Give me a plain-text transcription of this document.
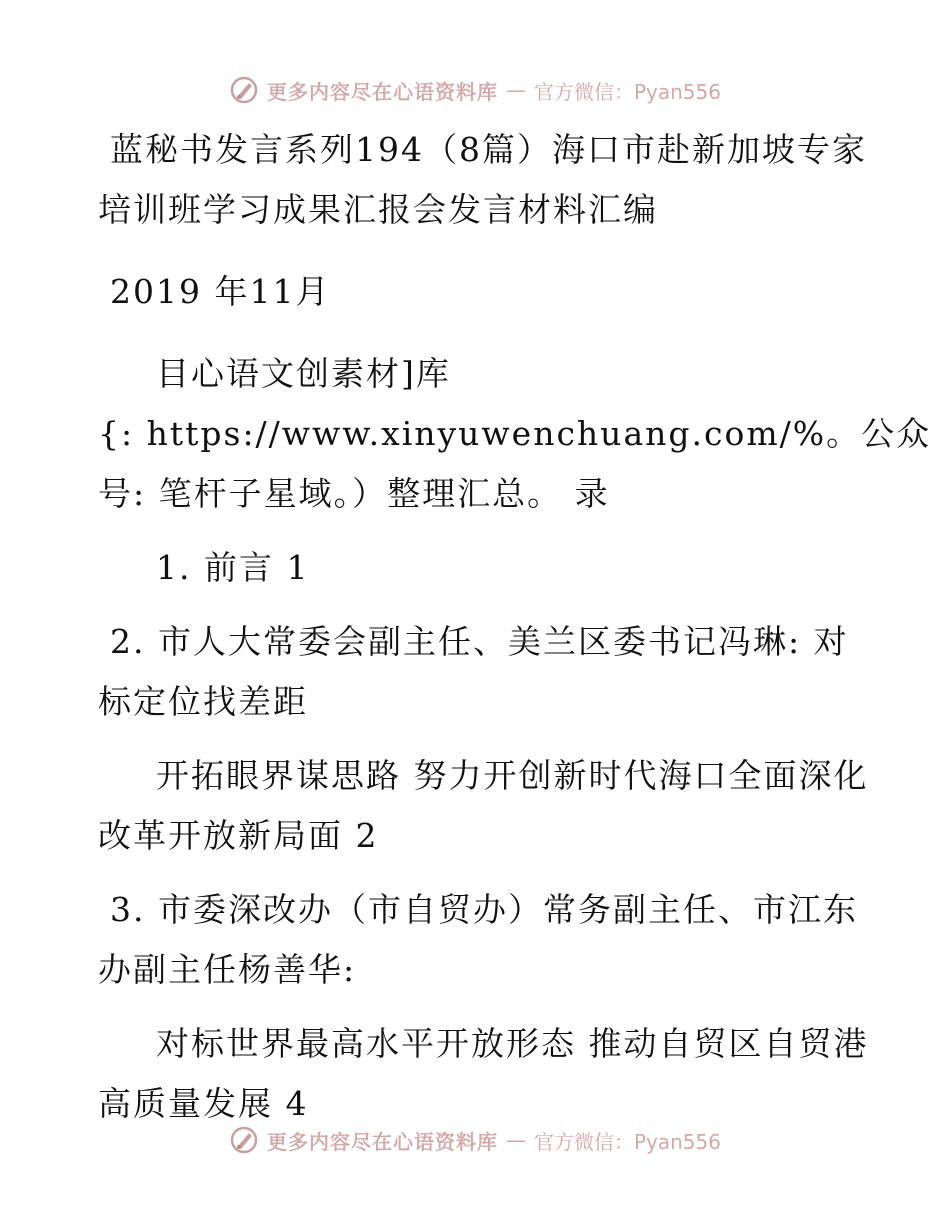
更多内容尽在心语资料库 — 官方微信：Pyan556
蓝秘书发言系列194（8篇）海口市赴新加坡专家
培训班学习成果汇报会发言材料汇编
2019 年11月
目心语文创素材]库
{: https://www.xinyuwenchuang.com/%。公众
号: 笔杆子星域。）整理汇总。 录
1. 前言 1
2. 市人大常委会副主任、美兰区委书记冯琳: 对
标定位找差距
开拓眼界谋思路 努力开创新时代海口全面深化
改革开放新局面 2
3. 市委深改办（市自贸办）常务副主任、市江东
办副主任杨善华:
对标世界最高水平开放形态 推动自贸区自贸港
高质量发展 4
更多内容尽在心语资料库 — 官方微信：Pyan556
